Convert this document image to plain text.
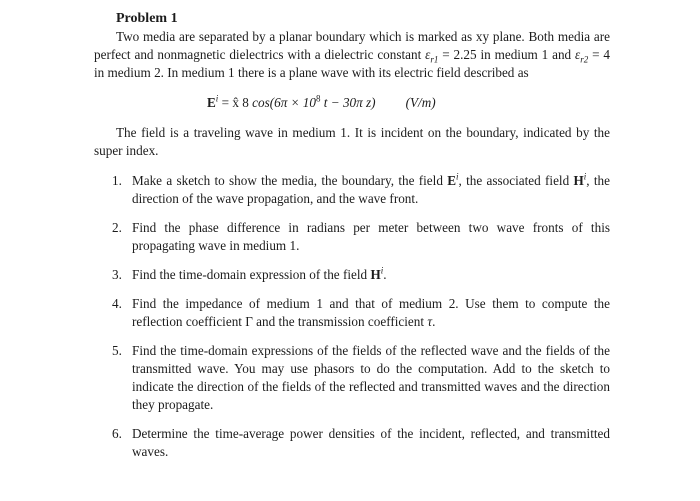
Problem 1

Two media are separated by a planar boundary which is marked as xy plane. Both media are perfect and nonmagnetic dielectrics with a dielectric constant $\varepsilon_{r1} = 2.25$ in medium 1 and $\varepsilon_{r2} = 4$ in medium 2. In medium 1 there is a plane wave with its electric field described as

$E^i$ = x̂ 8 $\cos(6\pi \times 10^8$ t − 30π z) (V/m)

The field is a traveling wave in medium 1. It is incident on the boundary, indicated by the super index.

1. Make a sketch to show the media, the boundary, the field $E^i$, the associated field $H^i$, the direction of the wave propagation, and the wave front.
2. Find the phase difference in radians per meter between two wave fronts of this propagating wave in medium 1.
3. Find the time-domain expression of the field $H^i$.
4. Find the impedance of medium 1 and that of medium 2. Use them to compute the reflection coefficient Γ and the transmission coefficient τ.
5. Find the time-domain expressions of the fields of the reflected wave and the fields of the transmitted wave. You may use phasors to do the computation. Add to the sketch to indicate the direction of the fields of the reflected and transmitted waves and the direction they propagate.
6. Determine the time-average power densities of the incident, reflected, and transmitted waves.
